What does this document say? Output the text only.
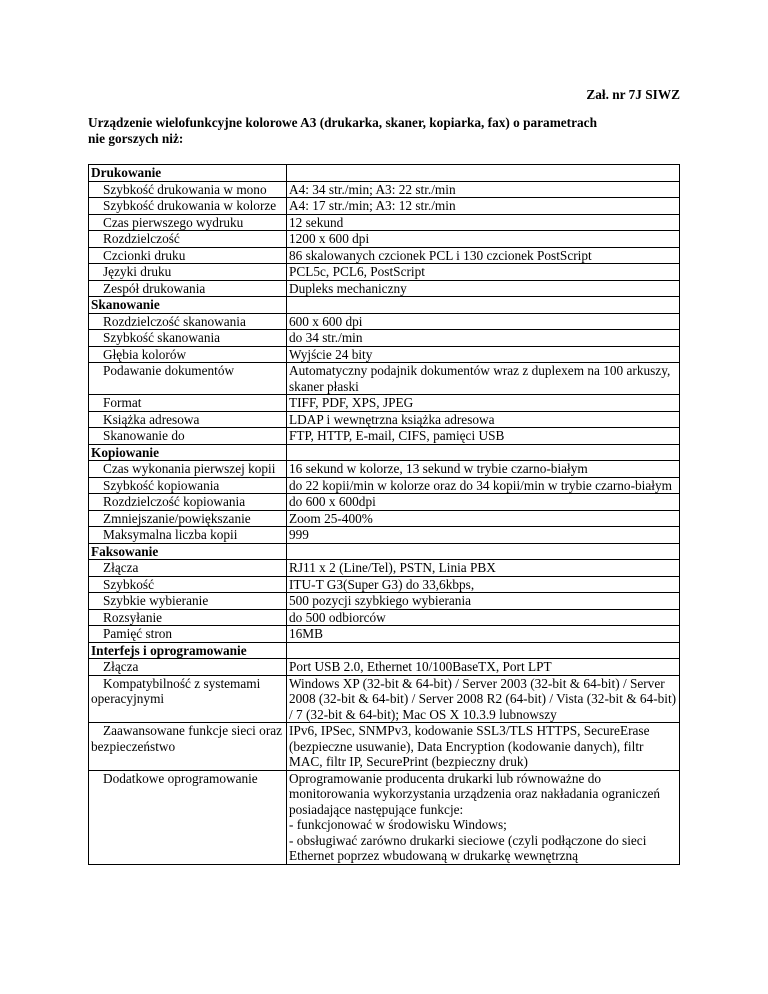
Zał. nr 7J SIWZ
Urządzenie wielofunkcyjne kolorowe A3 (drukarka, skaner, kopiarka, fax) o parametrach nie gorszych niż:
Drukowanie	
Szybkość drukowania w mono	A4: 34 str./min; A3: 22 str./min
Szybkość drukowania w kolorze	A4: 17 str./min; A3: 12 str./min
Czas pierwszego wydruku	12 sekund
Rozdzielczość	1200 x 600 dpi
Czcionki druku	86 skalowanych czcionek PCL i 130 czcionek PostScript
Języki druku	PCL5c, PCL6, PostScript
Zespół drukowania	Dupleks mechaniczny
Skanowanie	
Rozdzielczość skanowania	600 x 600 dpi
Szybkość skanowania	do 34 str./min
Głębia kolorów	Wyjście 24 bity
Podawanie dokumentów	Automatyczny podajnik dokumentów wraz z duplexem na 100 arkuszy, skaner płaski
Format	TIFF, PDF, XPS, JPEG
Książka adresowa	LDAP i wewnętrzna książka adresowa
Skanowanie do	FTP, HTTP, E-mail, CIFS, pamięci USB
Kopiowanie	
Czas wykonania pierwszej kopii	16 sekund w kolorze, 13 sekund w trybie czarno-białym
Szybkość kopiowania	do 22 kopii/min w kolorze oraz do 34 kopii/min w trybie czarno-białym
Rozdzielczość kopiowania	do 600 x 600dpi
Zmniejszanie/powiększanie	Zoom 25-400%
Maksymalna liczba kopii	999
Faksowanie	
Złącza	RJ11 x 2 (Line/Tel), PSTN, Linia PBX
Szybkość	ITU-T G3(Super G3) do 33,6kbps,
Szybkie wybieranie	500 pozycji szybkiego wybierania
Rozsyłanie	do 500 odbiorców
Pamięć stron	16MB
Interfejs i oprogramowanie	
Złącza	Port USB 2.0, Ethernet 10/100BaseTX, Port LPT
Kompatybilność z systemami operacyjnymi	Windows XP (32-bit & 64-bit) / Server 2003 (32-bit & 64-bit) / Server 2008 (32-bit & 64-bit) / Server 2008 R2 (64-bit) / Vista (32-bit & 64-bit) / 7 (32-bit & 64-bit); Mac OS X 10.3.9 lubnowszy
Zaawansowane funkcje sieci oraz bezpieczeństwo	IPv6, IPSec, SNMPv3, kodowanie SSL3/TLS HTTPS, SecureErase (bezpieczne usuwanie), Data Encryption (kodowanie danych), filtr MAC, filtr IP, SecurePrint (bezpieczny druk)
Dodatkowe oprogramowanie	Oprogramowanie producenta drukarki lub równoważne do monitorowania wykorzystania urządzenia oraz nakładania ograniczeń posiadające następujące funkcje:
- funkcjonować w środowisku Windows;
- obsługiwać zarówno drukarki sieciowe (czyli podłączone do sieci Ethernet poprzez wbudowaną w drukarkę wewnętrzną
